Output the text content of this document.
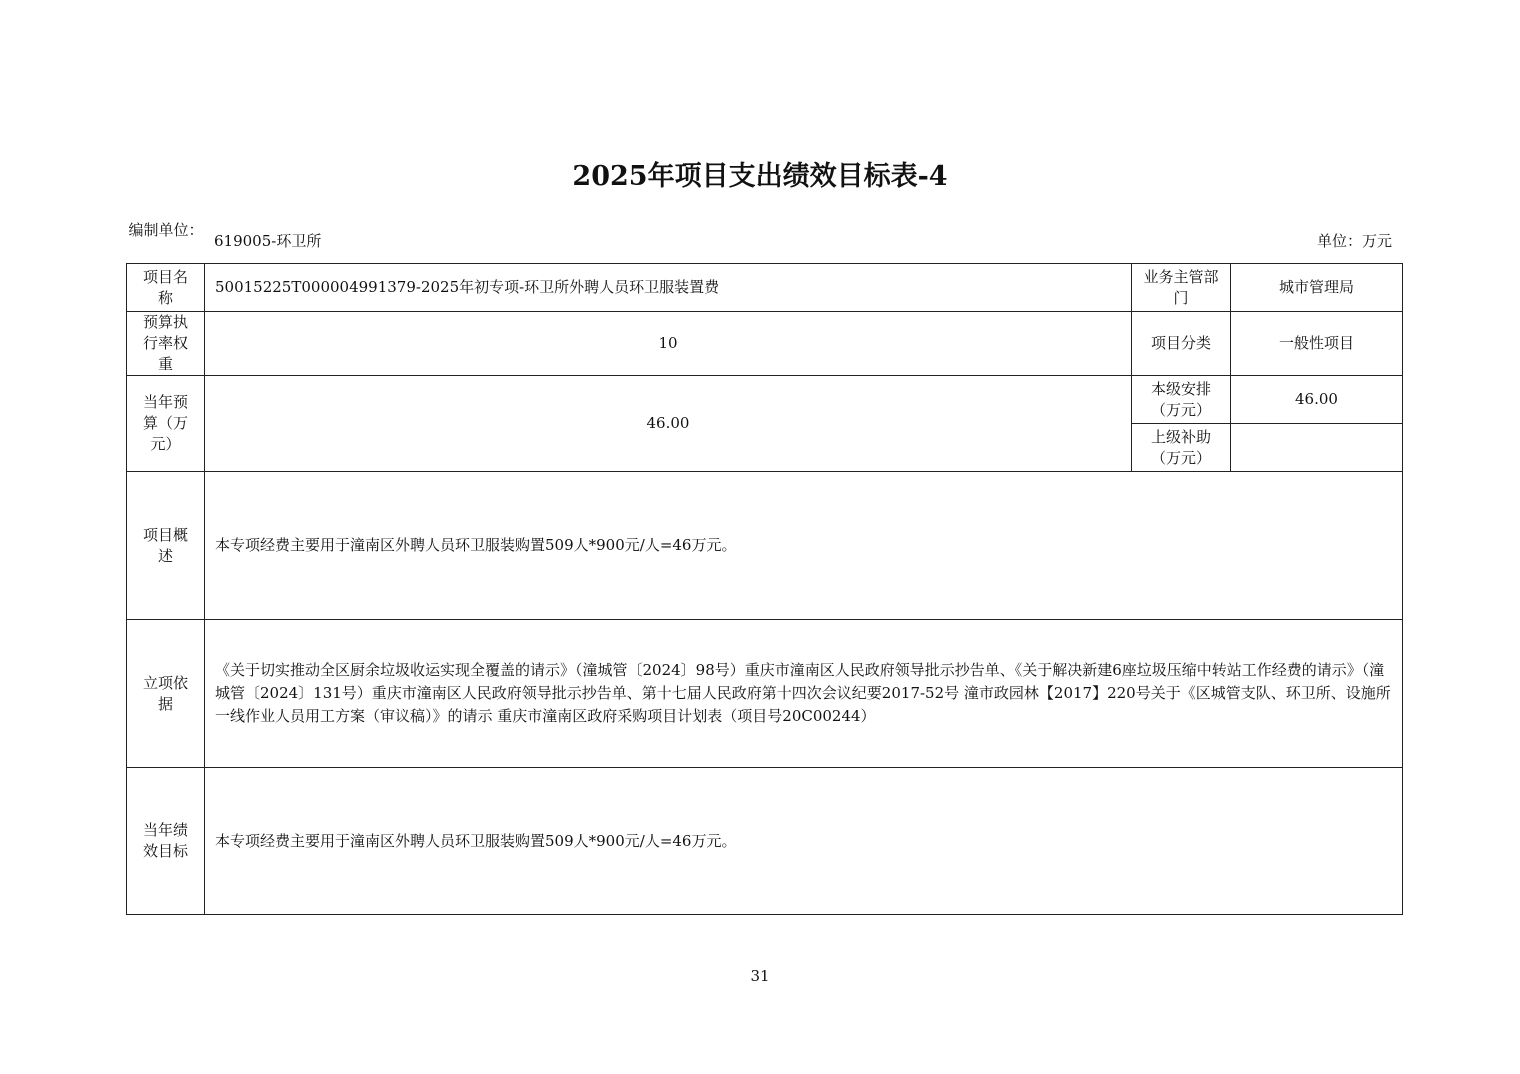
2025年项目支出绩效目标表-4
编制单位：
619005-环卫所	单位：万元
项目名称	50015225T000004991379-2025年初专项-环卫所外聘人员环卫服装置费	业务主管部门	城市管理局
预算执行率权重	10	项目分类	一般性项目
当年预算（万元）	46.00	本级安排（万元）	46.00
		上级补助（万元）	
项目概述	本专项经费主要用于潼南区外聘人员环卫服装购置509人*900元/人=46万元。		
立项依据	《关于切实推动全区厨余垃圾收运实现全覆盖的请示》（潼城管〔2024〕98号）重庆市潼南区人民政府领导批示抄告单、《关于解决新建6座垃圾压缩中转站工作经费的请示》（潼城管〔2024〕131号）重庆市潼南区人民政府领导批示抄告单、第十七届人民政府第十四次会议纪要2017-52号 潼市政园林【2017】220号关于《区城管支队、环卫所、设施所一线作业人员用工方案（审议稿）》的请示 重庆市潼南区政府采购项目计划表（项目号20C00244）		
当年绩效目标	本专项经费主要用于潼南区外聘人员环卫服装购置509人*900元/人=46万元。		
31
